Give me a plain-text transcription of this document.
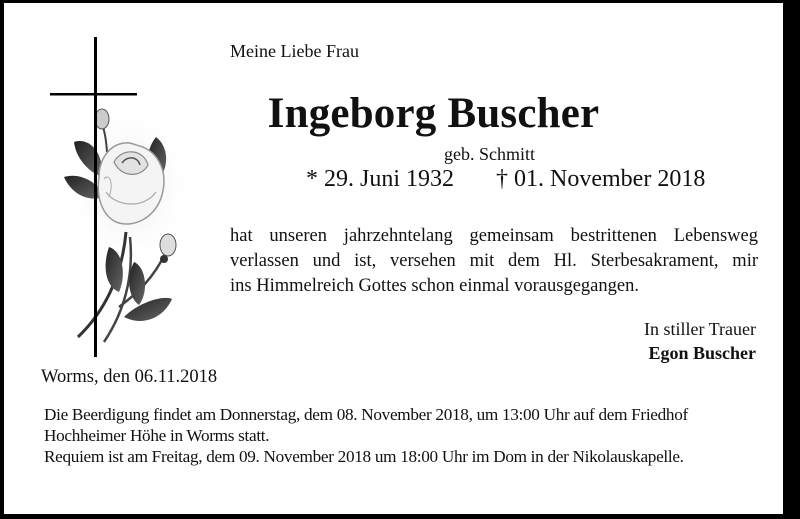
Meine Liebe Frau
Ingeborg Buscher
geb. Schmitt
* 29. Juni 1932 † 01. November 2018
hat unseren jahrzehntelang gemeinsam bestrittenen Lebensweg
verlassen und ist, versehen mit dem Hl. Sterbesakrament, mir
ins Himmelreich Gottes schon einmal vorausgegangen.
In stiller Trauer
Egon Buscher
Worms, den 06.11.2018
Die Beerdigung findet am Donnerstag, dem 08. November 2018, um 13:00 Uhr auf dem Friedhof
Hochheimer Höhe in Worms statt.
Requiem ist am Freitag, dem 09. November 2018 um 18:00 Uhr im Dom in der Nikolauskapelle.
